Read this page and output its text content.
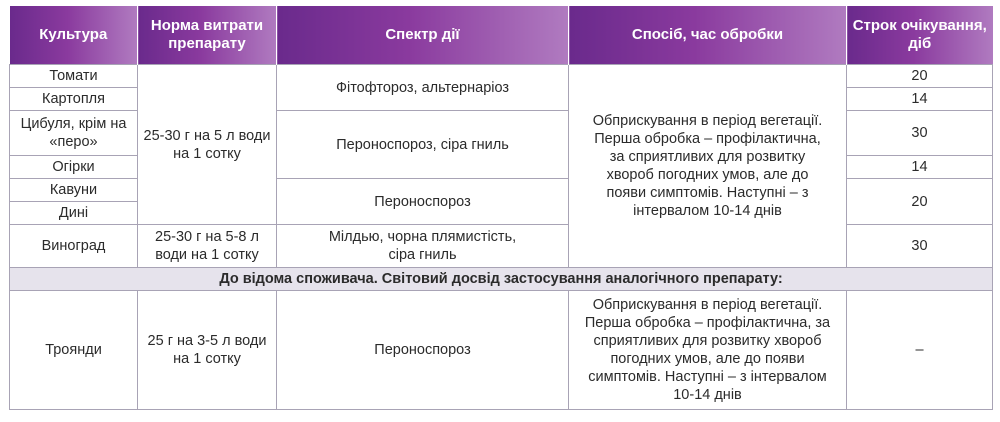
Культура	Норма витрати препарату	Спектр дії	Спосіб, час обробки	Строк очікування, діб
Томати	25-30 г на 5 л води на 1 сотку	Фітофтороз, альтернаріоз	Обприскування в період вегетації. Перша обробка – профілактична, за сприятливих для розвитку хвороб погодних умов, але до появи симптомів. Наступні – з інтервалом 10-14 днів	20
Картопля				14
Цибуля, крім на «перо»		Пероноспороз, сіра гниль		30
Огірки				14
Кавуни		Пероноспороз		20
Дині				
Виноград	25-30 г на 5-8 л води на 1 сотку	Мілдью, чорна плямистість, сіра гниль		30
До відома споживача. Світовий досвід застосування аналогічного препарату:				
Троянди	25 г на 3-5 л води на 1 сотку	Пероноспороз	Обприскування в період вегетації. Перша обробка – профілактична, за сприятливих для розвитку хвороб погодних умов, але до появи симптомів. Наступні – з інтервалом 10-14 днів	–
